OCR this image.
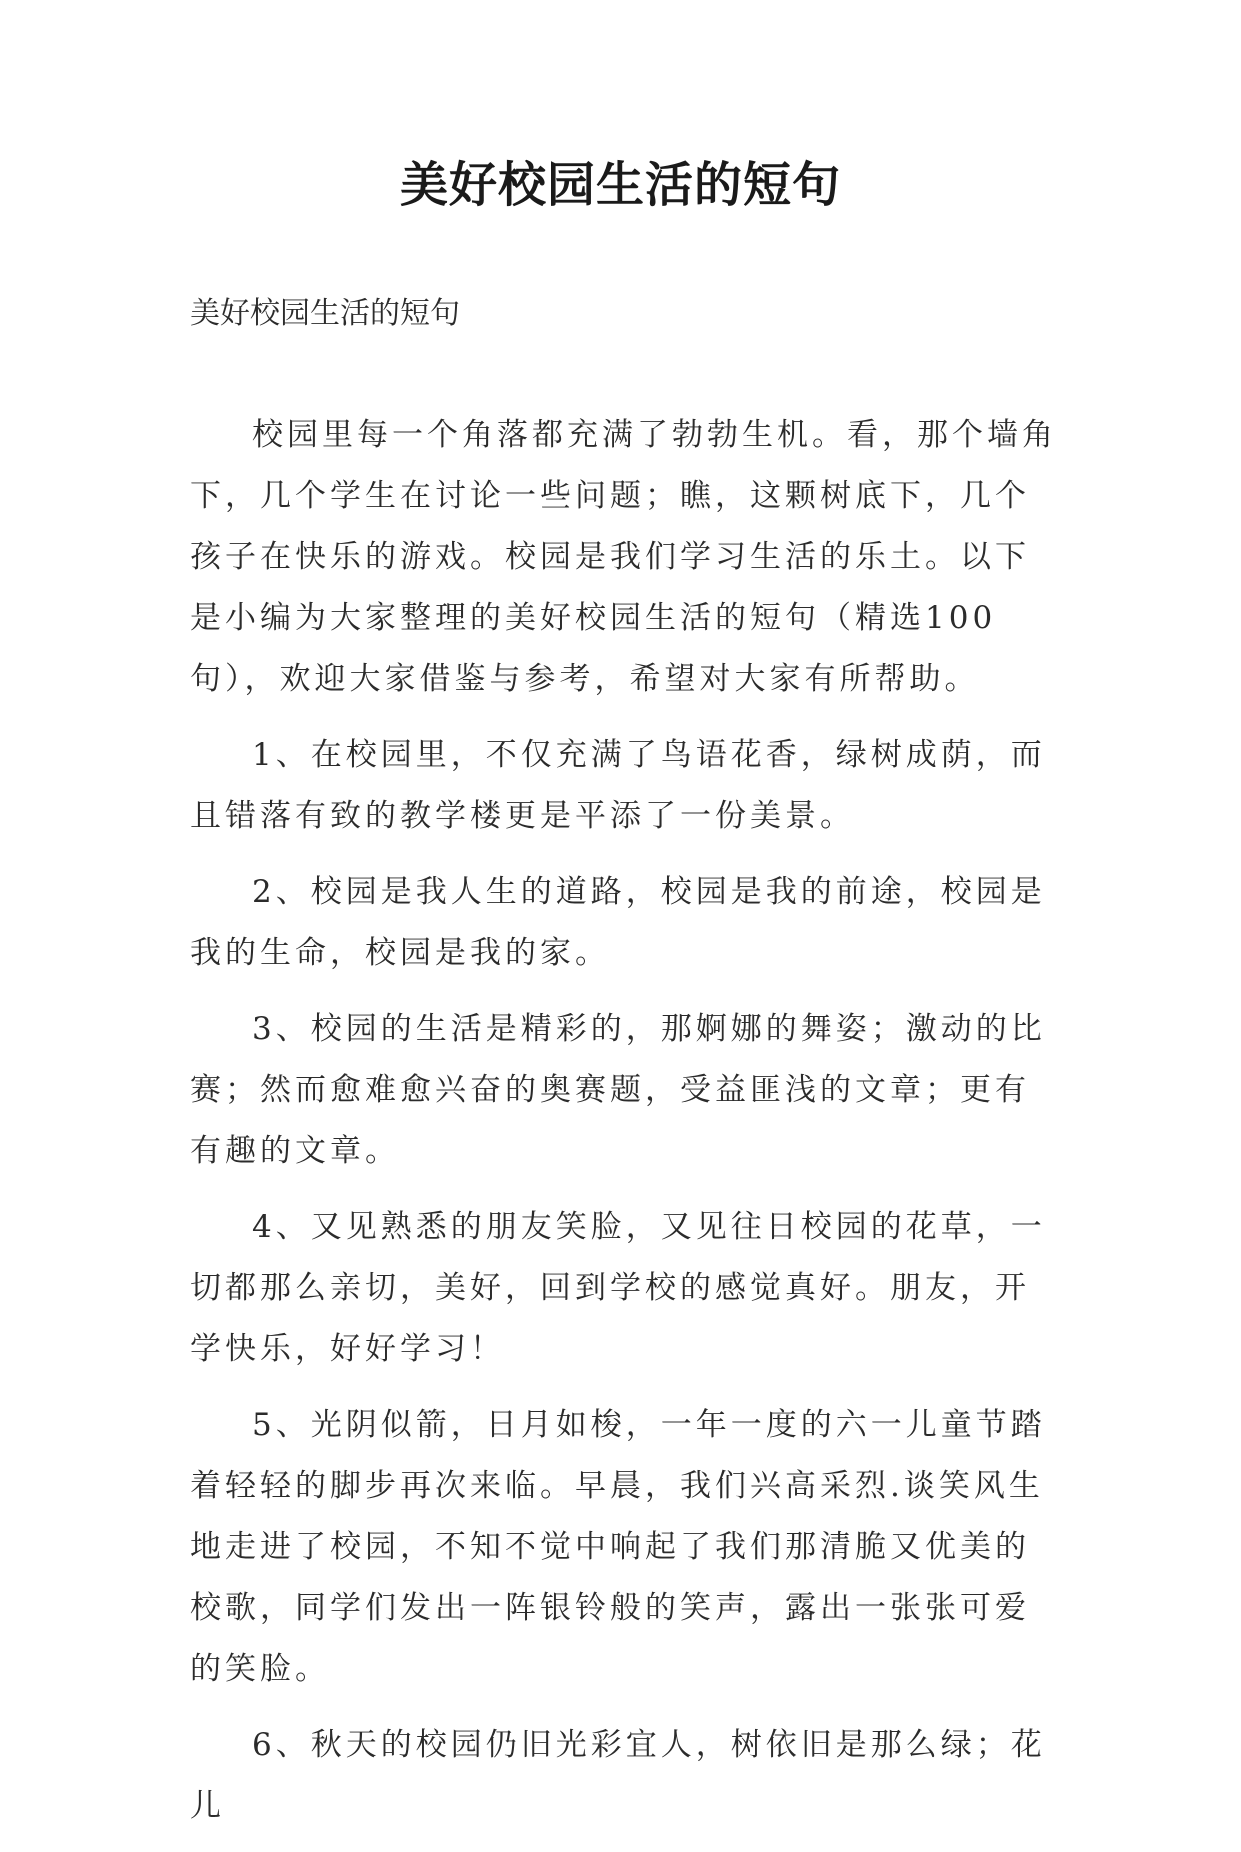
美好校园生活的短句
美好校园生活的短句

校园里每一个角落都充满了勃勃生机。看，那个墙角下，几个学生在讨论一些问题；瞧，这颗树底下，几个孩子在快乐的游戏。校园是我们学习生活的乐土。以下是小编为大家整理的美好校园生活的短句（精选100句），欢迎大家借鉴与参考，希望对大家有所帮助。

1、在校园里，不仅充满了鸟语花香，绿树成荫，而且错落有致的教学楼更是平添了一份美景。

2、校园是我人生的道路，校园是我的前途，校园是我的生命，校园是我的家。

3、校园的生活是精彩的，那婀娜的舞姿；激动的比赛；然而愈难愈兴奋的奥赛题，受益匪浅的文章；更有有趣的文章。

4、又见熟悉的朋友笑脸，又见往日校园的花草，一切都那么亲切，美好，回到学校的感觉真好。朋友，开学快乐，好好学习！

5、光阴似箭，日月如梭，一年一度的六一儿童节踏着轻轻的脚步再次来临。早晨，我们兴高采烈.谈笑风生地走进了校园，不知不觉中响起了我们那清脆又优美的校歌，同学们发出一阵银铃般的笑声，露出一张张可爱的笑脸。

6、秋天的校园仍旧光彩宜人，树依旧是那么绿；花儿
